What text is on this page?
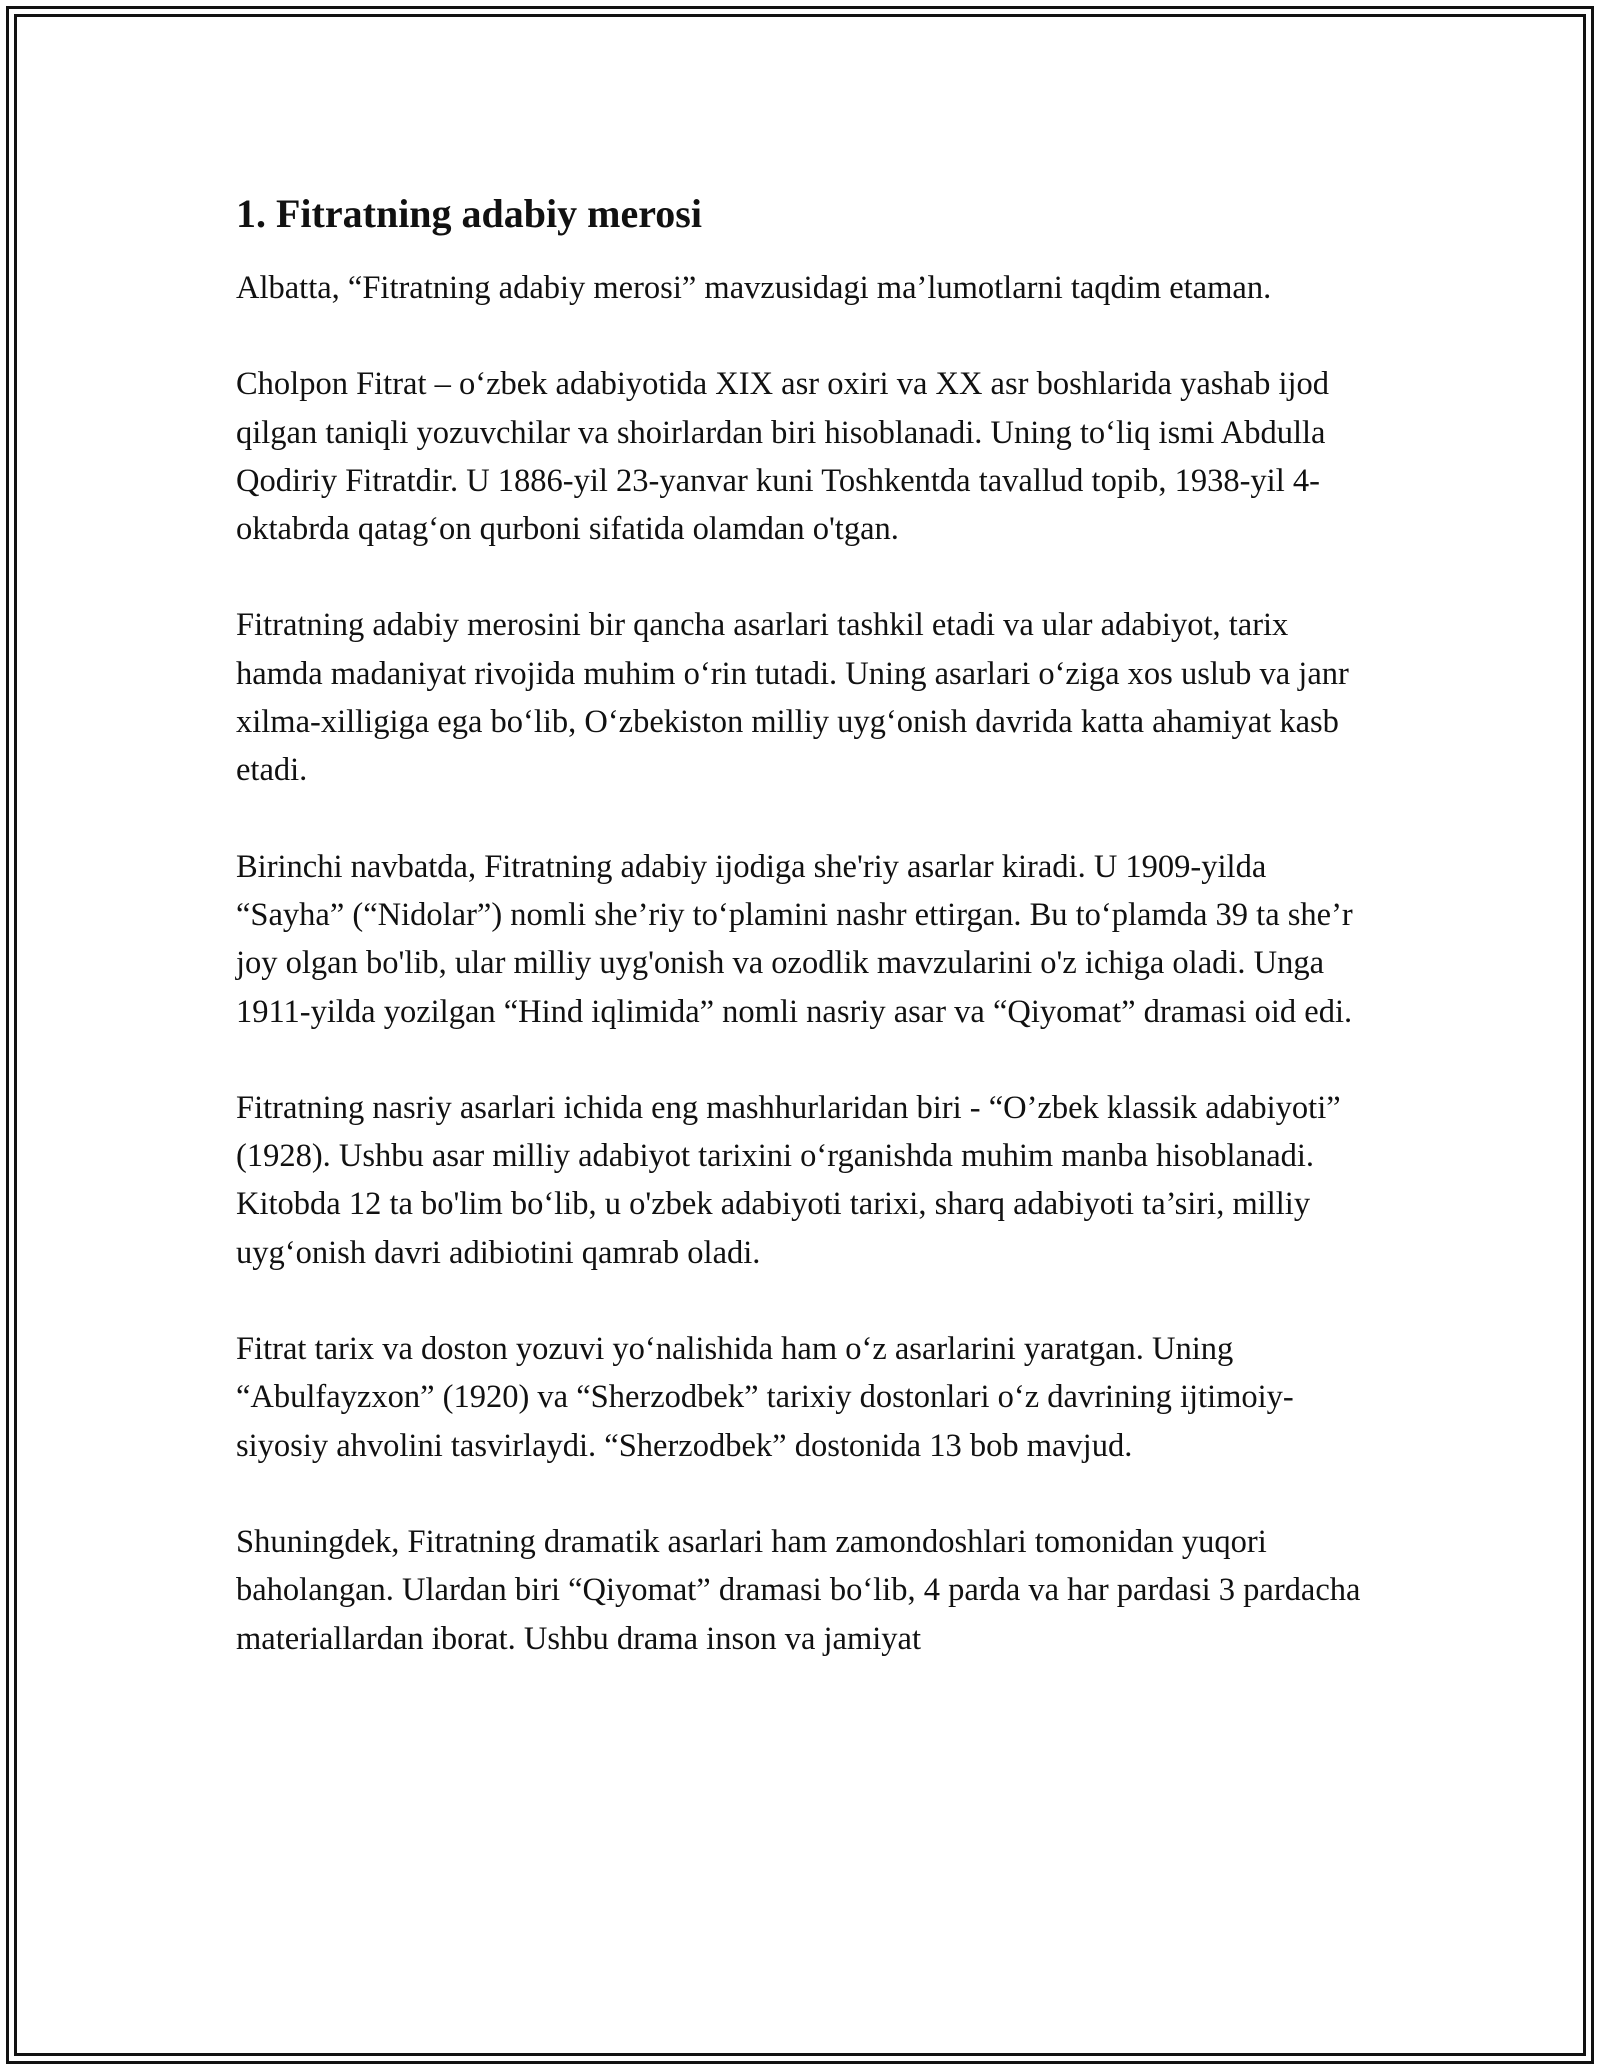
1. Fitratning adabiy merosi

Albatta, “Fitratning adabiy merosi” mavzusidagi ma’lumotlarni taqdim etaman.

Cholpon Fitrat – o‘zbek adabiyotida XIX asr oxiri va XX asr boshlarida yashab ijod qilgan taniqli yozuvchilar va shoirlardan biri hisoblanadi. Uning to‘liq ismi Abdulla Qodiriy Fitratdir. U 1886-yil 23-yanvar kuni Toshkentda tavallud topib, 1938-yil 4-oktabrda qatag‘on qurboni sifatida olamdan o'tgan.

Fitratning adabiy merosini bir qancha asarlari tashkil etadi va ular adabiyot, tarix hamda madaniyat rivojida muhim o‘rin tutadi. Uning asarlari o‘ziga xos uslub va janr xilma-xilligiga ega bo‘lib, O‘zbekiston milliy uyg‘onish davrida katta ahamiyat kasb etadi.

Birinchi navbatda, Fitratning adabiy ijodiga she'riy asarlar kiradi. U 1909-yilda “Sayha” (“Nidolar”) nomli she’riy to‘plamini nashr ettirgan. Bu to‘plamda 39 ta she’r joy olgan bo'lib, ular milliy uyg'onish va ozodlik mavzularini o'z ichiga oladi. Unga 1911-yilda yozilgan “Hind iqlimida” nomli nasriy asar va “Qiyomat” dramasi oid edi.

Fitratning nasriy asarlari ichida eng mashhurlaridan biri - “O’zbek klassik adabiyoti” (1928). Ushbu asar milliy adabiyot tarixini o‘rganishda muhim manba hisoblanadi. Kitobda 12 ta bo'lim bo‘lib, u o'zbek adabiyoti tarixi, sharq adabiyoti ta’siri, milliy uyg‘onish davri adibiotini qamrab oladi.

Fitrat tarix va doston yozuvi yo‘nalishida ham o‘z asarlarini yaratgan. Uning “Abulfayzxon” (1920) va “Sherzodbek” tarixiy dostonlari o‘z davrining ijtimoiy-siyosiy ahvolini tasvirlaydi. “Sherzodbek” dostonida 13 bob mavjud.

Shuningdek, Fitratning dramatik asarlari ham zamondoshlari tomonidan yuqori baholangan. Ulardan biri “Qiyomat” dramasi bo‘lib, 4 parda va har pardasi 3 pardacha materiallardan iborat. Ushbu drama inson va jamiyat
